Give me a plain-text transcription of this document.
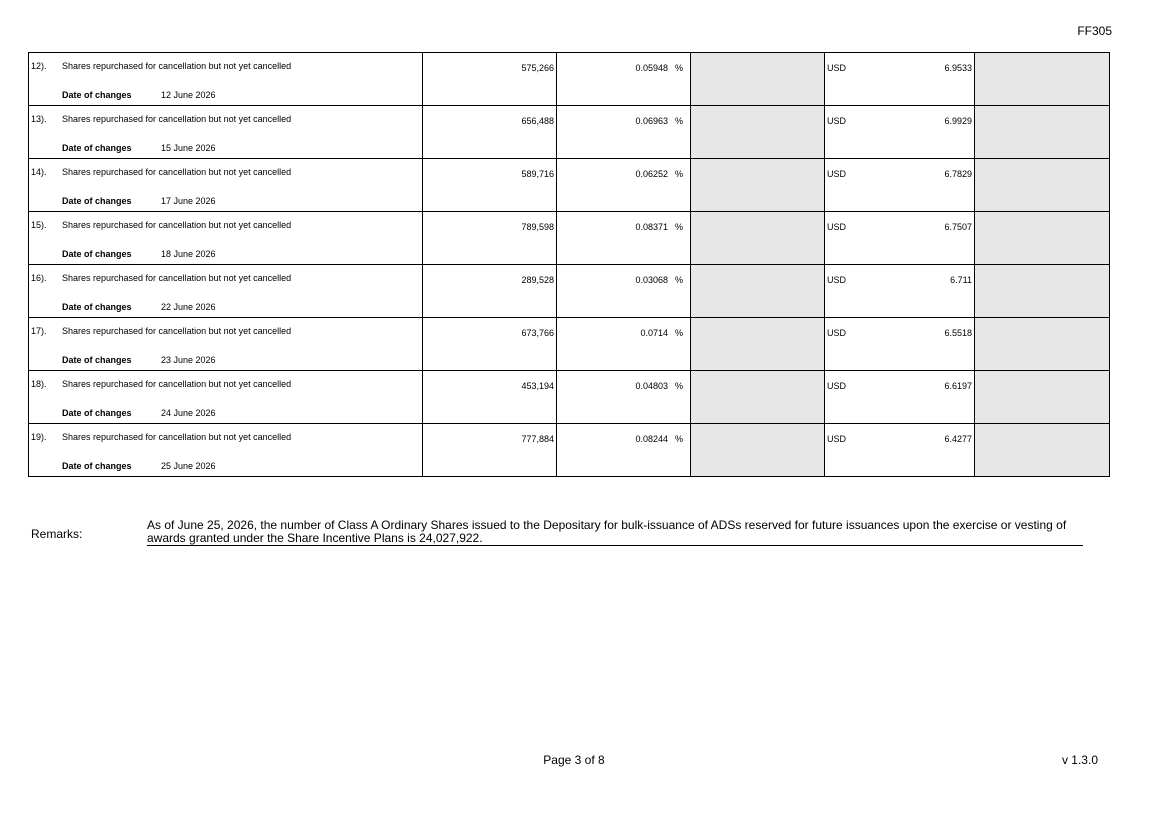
FF305
12). Shares repurchased for cancellation but not yet cancelled
Date of changes 12 June 2026	575,266	0.05948 %		USD 6.9533	

13). Shares repurchased for cancellation but not yet cancelled
Date of changes 15 June 2026	656,488	0.06963 %		USD 6.9929	

14). Shares repurchased for cancellation but not yet cancelled
Date of changes 17 June 2026	589,716	0.06252 %		USD 6.7829	

15). Shares repurchased for cancellation but not yet cancelled
Date of changes 18 June 2026	789,598	0.08371 %		USD 6.7507	

16). Shares repurchased for cancellation but not yet cancelled
Date of changes 22 June 2026	289,528	0.03068 %		USD 6.711	

17). Shares repurchased for cancellation but not yet cancelled
Date of changes 23 June 2026	673,766	0.0714 %		USD 6.5518	

18). Shares repurchased for cancellation but not yet cancelled
Date of changes 24 June 2026	453,194	0.04803 %		USD 6.6197	

19). Shares repurchased for cancellation but not yet cancelled
Date of changes 25 June 2026	777,884	0.08244 %		USD 6.4277	

Remarks:
As of June 25, 2026, the number of Class A Ordinary Shares issued to the Depositary for bulk-issuance of ADSs reserved for future issuances upon the exercise or vesting of awards granted under the Share Incentive Plans is 24,027,922.
Page 3 of 8	v 1.3.0
